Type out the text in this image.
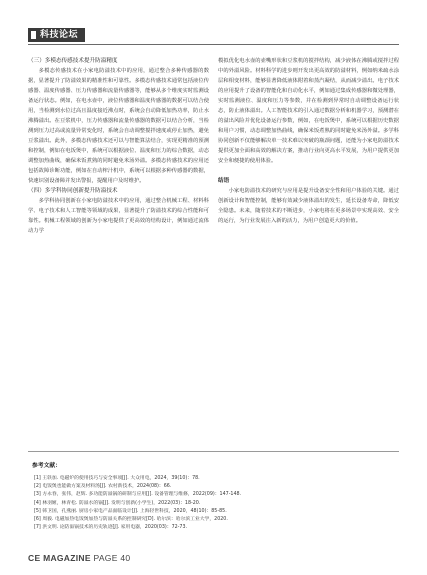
科技论坛

（三）多模态传感技术提升防溢精度

多模态传感技术在小家电防溢技术中的应用，通过整合多种传感器的数据，显著提升了防溢效果的精准性和可靠性。多模态传感技术通常包括液位传感器、温度传感器、压力传感器和流量传感器等，能够从多个维度实时监测设备运行状态。例如，在电水壶中，液位传感器和温度传感器的数据可以结合使用，当检测到水位过高且温度接近沸点时，系统会自动降低加热功率，防止水沸腾溢出。在豆浆机中，压力传感器和流量传感器的数据可以结合分析，当检测到压力过高或流量异常变化时，系统会自动调整搅拌速度或停止加热，避免豆浆溢出。此外，多模态传感技术还可以与智能算法结合，实现更精准的预测和控制，例如在电饭煲中，系统可以根据液位、温度和压力的综合数据，动态调整加热曲线，确保米饭煮熟的同时避免米汤外溢。多模态传感技术的应用还包括故障诊断功能，例如在自动榨汁机中，系统可以根据多种传感器的数据，快速识别设备障并发出警报，提醒用户及时维护。

（四）多学科协同创新提升防溢技术

多学科协同创新在小家电防溢技术中的应用，通过整合机械工程、材料科学、电子技术和人工智能等领域的成果，显著提升了防溢技术的综合性能和可靠性。机械工程领域的创新为小家电提供了更高效的结构设计，例如通过流体动力学

模拟优化电水壶的壶嘴形状和豆浆机的搅拌结构，减少液体在沸腾或搅拌过程中的外溢风险。材料科学的进步则开发出更高效的防溢材料，例如纳米疏水涂层和相变材料，能够显著降低液体附着和蒸汽凝结，从而减少溢出。电子技术的应用提升了设备的智能化和自动化水平，例如通过集成传感器和微处理器，实时监测液位、温度和压力等参数，并在检测到异常时自动调整设备运行状态，防止液体溢出。人工智能技术的引入通过数据分析和机器学习，预测潜在的溢出风险并优化设备运行参数，例如，在电饭煲中，系统可以根据历史数据和用户习惯，动态调整加热曲线，确保米饭煮熟的同时避免米汤外溢。多学科协同创新不仅能够解决单一技术难以突破的瓶颈问题，还能为小家电防溢技术提供更加全面和高效的解决方案，推动行业向更高水平发展，为用户提供更加安全和便捷的使用体验。

结语

小家电防溢技术的研究与应用是提升设备安全性和用户体验的关键。通过创新设计和智能控制，能够有效减少液体溢出的发生，延长设备寿命，降低安全隐患。未来，随着技术的不断进步，小家电将在更多场景中实现高效、安全的运行，为行业发展注入新的活力，为用户创造更大的价值。

参考文献：
[1] 王轶加. 电磁炉的使用技巧与安全事项[J]. 大众用电，2024，39(10)：78.
[2] 电饭煲也能做方案及材料汤[J]. 农村新技术，2024(08)：66.
[3] 方永春，张伟，赵辉. 多功能防溢锅的研制与应用[J]. 设备管理与维修，2022(09)：147-148.
[4] 林羽姬，林青松. 防溢水的锅[J]. 发明与创新(小学生)，2022(03)：18-20.
[5] 韩卫国，孔燕丽. 厨房小家电产品面临设计[J]. 上海轻世科技，2020，48(10)：85-85.
[6] 周毅. 电磁加热电饭煲加热与防溢关系的控制研究[D]. 哈尔滨：哈尔滨工业大学，2020.
[7] 洪文明. 论防溢锅技术的历史轨迹[J]. 家用电器，2020(03)：72-73.
CE MAGAZINE PAGE 40
